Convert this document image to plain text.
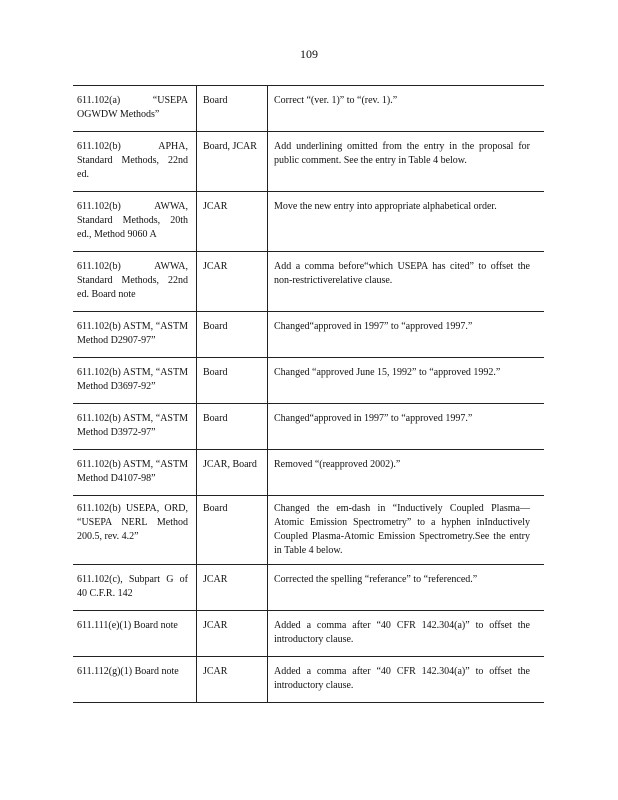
109
611.102(a) “USEPA OGWDW Methods”	Board	Correct “(ver. 1)” to “(rev. 1).”
611.102(b) APHA, Standard Methods, 22nd ed.	Board, JCAR	Add underlining omitted from the entry in the proposal for public comment. See the entry in Table 4 below.
611.102(b) AWWA, Standard Methods, 20th ed., Method 9060 A	JCAR	Move the new entry into appropriate alphabetical order.
611.102(b) AWWA, Standard Methods, 22nd ed. Board note	JCAR	Add a comma before“which USEPA has cited” to offset the non-restrictiverelative clause.
611.102(b) ASTM, “ASTM Method D2907-97”	Board	Changed“approved in 1997” to “approved 1997.”
611.102(b) ASTM, “ASTM Method D3697-92”	Board	Changed “approved June 15, 1992” to “approved 1992.”
611.102(b) ASTM, “ASTM Method D3972-97”	Board	Changed“approved in 1997” to “approved 1997.”
611.102(b) ASTM, “ASTM Method D4107-98”	JCAR, Board	Removed “(reapproved 2002).”
611.102(b) USEPA, ORD, “USEPA NERL Method 200.5, rev. 4.2”	Board	Changed the em-dash in “Inductively Coupled Plasma—Atomic Emission Spectrometry” to a hyphen inInductively Coupled Plasma-Atomic Emission Spectrometry.See the entry in Table 4 below.
611.102(c), Subpart G of 40 C.F.R. 142	JCAR	Corrected the spelling “referance” to “referenced.”
611.111(e)(1) Board note	JCAR	Added a comma after “40 CFR 142.304(a)” to offset the introductory clause.
611.112(g)(1) Board note	JCAR	Added a comma after “40 CFR 142.304(a)” to offset the introductory clause.
